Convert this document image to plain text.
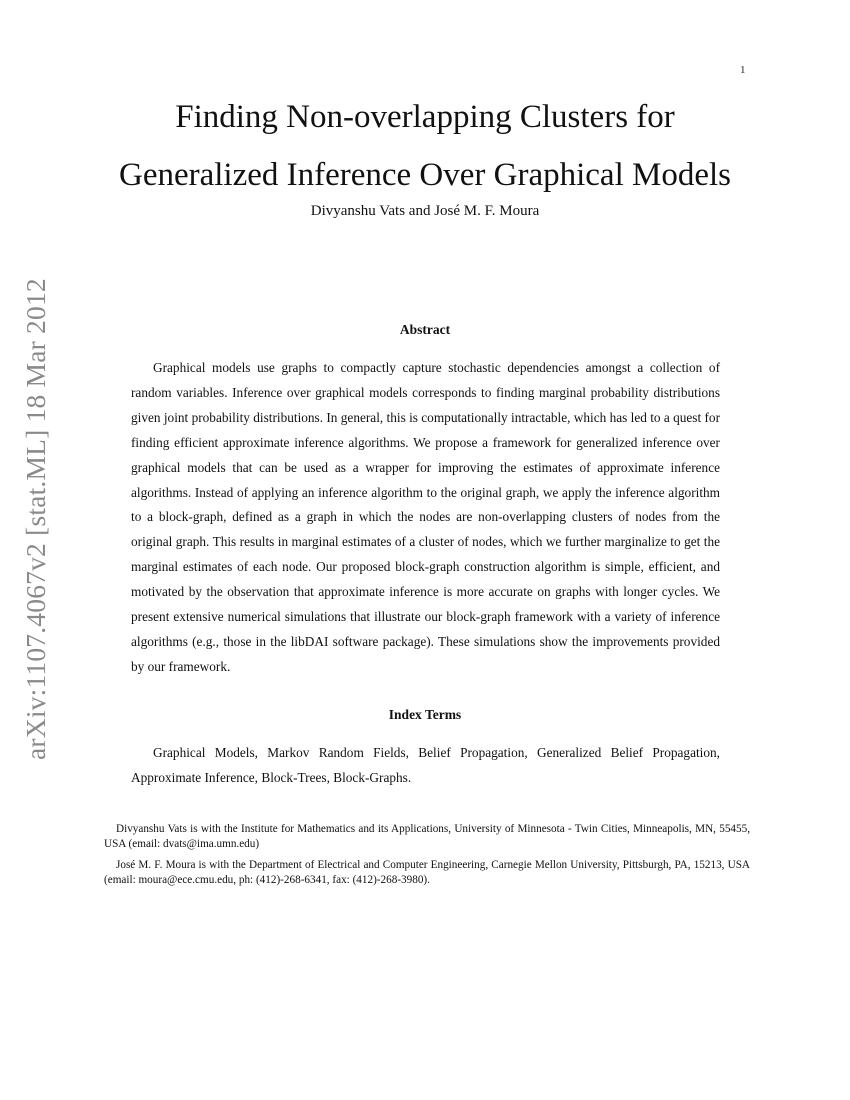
1
arXiv:1107.4067v2 [stat.ML] 18 Mar 2012
Finding Non-overlapping Clusters for
Generalized Inference Over Graphical Models
Divyanshu Vats and José M. F. Moura
Abstract

Graphical models use graphs to compactly capture stochastic dependencies amongst a collection of random variables. Inference over graphical models corresponds to finding marginal probability distributions given joint probability distributions. In general, this is computationally intractable, which has led to a quest for finding efficient approximate inference algorithms. We propose a framework for generalized inference over graphical models that can be used as a wrapper for improving the estimates of approximate inference algorithms. Instead of applying an inference algorithm to the original graph, we apply the inference algorithm to a block-graph, defined as a graph in which the nodes are non-overlapping clusters of nodes from the original graph. This results in marginal estimates of a cluster of nodes, which we further marginalize to get the marginal estimates of each node. Our proposed block-graph construction algorithm is simple, efficient, and motivated by the observation that approximate inference is more accurate on graphs with longer cycles. We present extensive numerical simulations that illustrate our block-graph framework with a variety of inference algorithms (e.g., those in the libDAI software package). These simulations show the improvements provided by our framework.

Index Terms

Graphical Models, Markov Random Fields, Belief Propagation, Generalized Belief Propagation, Approximate Inference, Block-Trees, Block-Graphs.

Divyanshu Vats is with the Institute for Mathematics and its Applications, University of Minnesota - Twin Cities, Minneapolis, MN, 55455, USA (email: dvats@ima.umn.edu)

José M. F. Moura is with the Department of Electrical and Computer Engineering, Carnegie Mellon University, Pittsburgh, PA, 15213, USA (email: moura@ece.cmu.edu, ph: (412)-268-6341, fax: (412)-268-3980).
